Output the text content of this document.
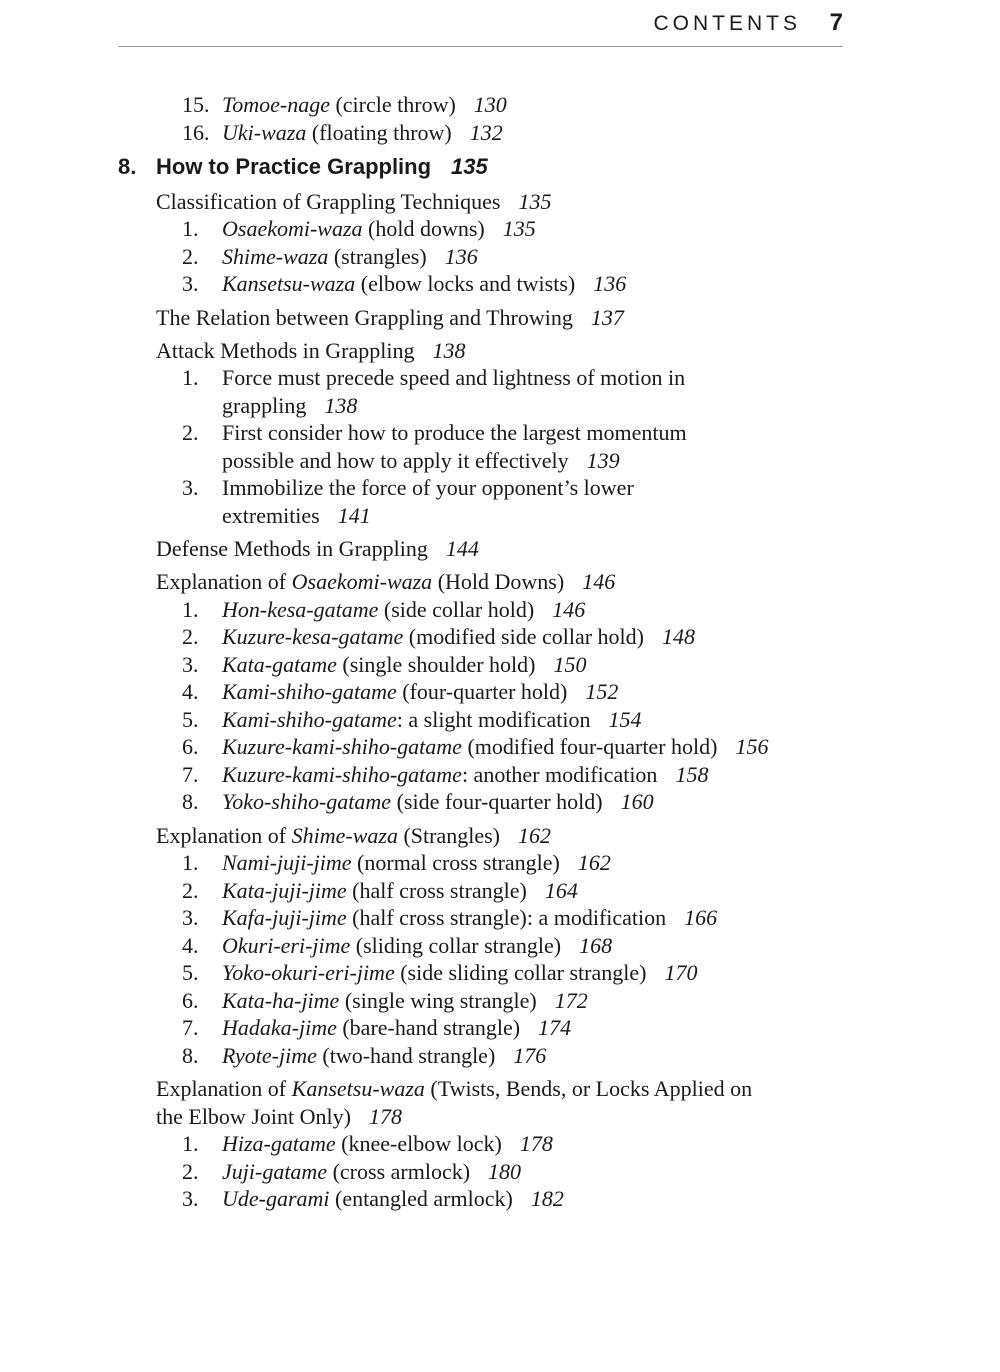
CONTENTS 7
15. Tomoe-nage (circle throw) 130
16. Uki-waza (floating throw) 132
8. How to Practice Grappling 135
Classification of Grappling Techniques 135
1. Osaekomi-waza (hold downs) 135
2. Shime-waza (strangles) 136
3. Kansetsu-waza (elbow locks and twists) 136
The Relation between Grappling and Throwing 137
Attack Methods in Grappling 138
1. Force must precede speed and lightness of motion in
grappling 138
2. First consider how to produce the largest momentum
possible and how to apply it effectively 139
3. Immobilize the force of your opponent’s lower
extremities 141
Defense Methods in Grappling 144
Explanation of Osaekomi-waza (Hold Downs) 146
1. Hon-kesa-gatame (side collar hold) 146
2. Kuzure-kesa-gatame (modified side collar hold) 148
3. Kata-gatame (single shoulder hold) 150
4. Kami-shiho-gatame (four-quarter hold) 152
5. Kami-shiho-gatame: a slight modification 154
6. Kuzure-kami-shiho-gatame (modified four-quarter hold) 156
7. Kuzure-kami-shiho-gatame: another modification 158
8. Yoko-shiho-gatame (side four-quarter hold) 160
Explanation of Shime-waza (Strangles) 162
1. Nami-juji-jime (normal cross strangle) 162
2. Kata-juji-jime (half cross strangle) 164
3. Kafa-juji-jime (half cross strangle): a modification 166
4. Okuri-eri-jime (sliding collar strangle) 168
5. Yoko-okuri-eri-jime (side sliding collar strangle) 170
6. Kata-ha-jime (single wing strangle) 172
7. Hadaka-jime (bare-hand strangle) 174
8. Ryote-jime (two-hand strangle) 176
Explanation of Kansetsu-waza (Twists, Bends, or Locks Applied on
the Elbow Joint Only) 178
1. Hiza-gatame (knee-elbow lock) 178
2. Juji-gatame (cross armlock) 180
3. Ude-garami (entangled armlock) 182
